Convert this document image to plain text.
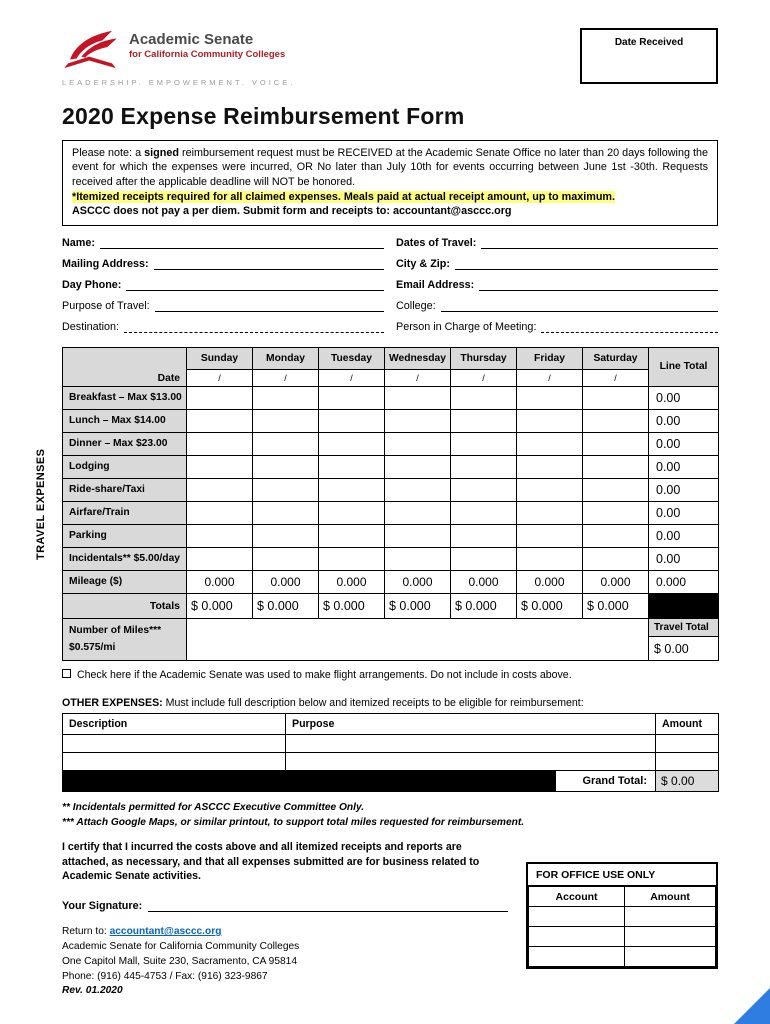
Academic Senate
for California Community Colleges
LEADERSHIP. EMPOWERMENT. VOICE.
Date Received
2020 Expense Reimbursement Form

Please note: a signed reimbursement request must be RECEIVED at the Academic Senate Office no later than 20 days following the event for which the expenses were incurred, OR No later than July 10th for events occurring between June 1st -30th. Requests received after the applicable deadline will NOT be honored.

*Itemized receipts required for all claimed expenses. Meals paid at actual receipt amount, up to maximum.

ASCCC does not pay a per diem. Submit form and receipts to: accountant@asccc.org

Name:	Dates of Travel:
Mailing Address:	City & Zip:
Day Phone:	Email Address:
Purpose of Travel:	College:
Destination:	Person in Charge of Meeting:
TRAVEL EXPENSES
Date	Sunday	Monday	Tuesday	Wednesday	Thursday	Friday	Saturday	Line Total
	/	/	/	/	/	/	/	
Breakfast – Max $13.00								0.00
Lunch – Max $14.00								0.00
Dinner – Max $23.00								0.00
Lodging								0.00
Ride-share/Taxi								0.00
Airfare/Train								0.00
Parking								0.00
Incidentals** $5.00/day								0.00
Mileage ($)	0.000	0.000	0.000	0.000	0.000	0.000	0.000	0.000
Totals	$ 0.000	$ 0.000	$ 0.000	$ 0.000	$ 0.000	$ 0.000	$ 0.000	

Number of Miles***
$0.575/mi

Travel Total
$ 0.00
Check here if the Academic Senate was used to make flight arrangements. Do not include in costs above.
OTHER EXPENSES: Must include full description below and itemized receipts to be eligible for reimbursement:
Description	Purpose		Amount

		Grand Total:	$ 0.00
** Incidentals permitted for ASCCC Executive Committee Only.
*** Attach Google Maps, or similar printout, to support total miles requested for reimbursement.
I certify that I incurred the costs above and all itemized receipts and reports are attached, as necessary, and that all expenses submitted are for business related to Academic Senate activities.
Your Signature:
Return to: accountant@asccc.org
Academic Senate for California Community Colleges
One Capitol Mall, Suite 230, Sacramento, CA 95814
Phone: (916) 445-4753 / Fax: (916) 323-9867
Rev. 01.2020
FOR OFFICE USE ONLY
Account	Amount
